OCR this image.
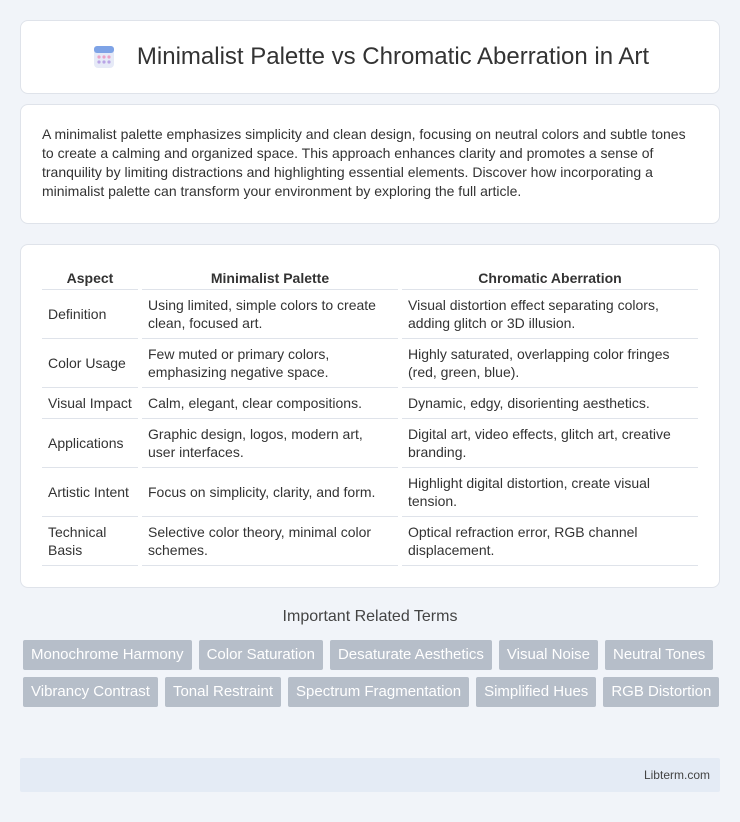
Minimalist Palette vs Chromatic Aberration in Art

A minimalist palette emphasizes simplicity and clean design, focusing on neutral colors and subtle tones to create a calming and organized space. This approach enhances clarity and promotes a sense of tranquility by limiting distractions and highlighting essential elements. Discover how incorporating a minimalist palette can transform your environment by exploring the full article.

Aspect	Minimalist Palette	Chromatic Aberration
Definition	Using limited, simple colors to create clean, focused art.	Visual distortion effect separating colors, adding glitch or 3D illusion.
Color Usage	Few muted or primary colors, emphasizing negative space.	Highly saturated, overlapping color fringes (red, green, blue).
Visual Impact	Calm, elegant, clear compositions.	Dynamic, edgy, disorienting aesthetics.
Applications	Graphic design, logos, modern art, user interfaces.	Digital art, video effects, glitch art, creative branding.
Artistic Intent	Focus on simplicity, clarity, and form.	Highlight digital distortion, create visual tension.
Technical Basis	Selective color theory, minimal color schemes.	Optical refraction error, RGB channel displacement.
Important Related Terms
Monochrome Harmony	Color Saturation	Desaturate Aesthetics	Visual Noise	Neutral Tones
Vibrancy Contrast	Tonal Restraint	Spectrum Fragmentation	Simplified Hues	RGB Distortion
Libterm.com
